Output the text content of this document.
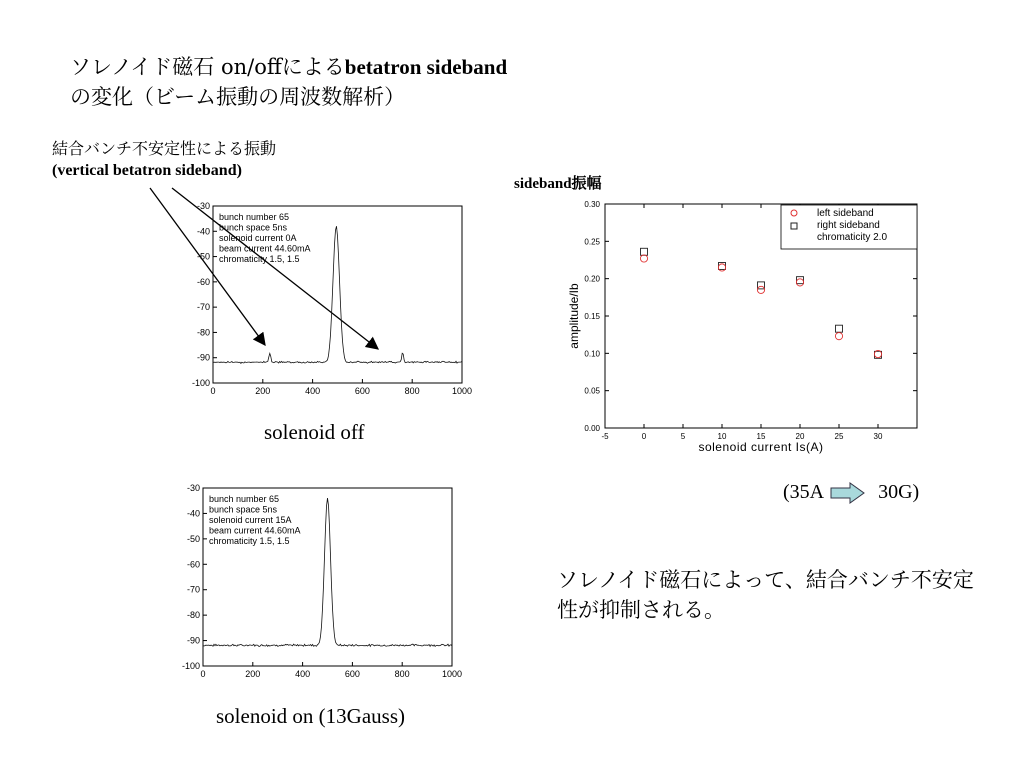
ソレノイド磁石 on/offによるbetatron sideband
の変化（ビーム振動の周波数解析）
結合バンチ不安定性による振動
(vertical betatron sideband)
-30
-40
-50
-60
-70
-80
-90
-100
0	200	400	600	800	1000
bunch number 65
bunch space 5ns
solenoid current 0A
beam current 44.60mA
chromaticity 1.5, 1.5
solenoid off
-30
-40
-50
-60
-70
-80
-90
-100
0	200	400	600	800	1000
bunch number 65
bunch space 5ns
solenoid current 15A
beam current 44.60mA
chromaticity 1.5, 1.5
solenoid on (13Gauss)
sideband振幅
0.00
0.05
0.10
0.15
0.20
0.25
0.30
-5	0	5	10	15	20	25	30
solenoid current Is(A)
amplitude/Ib
left sideband
right sideband
chromaticity 2.0
(35A	30G)
ソレノイド磁石によって、結合バンチ不安定性が抑制される。
